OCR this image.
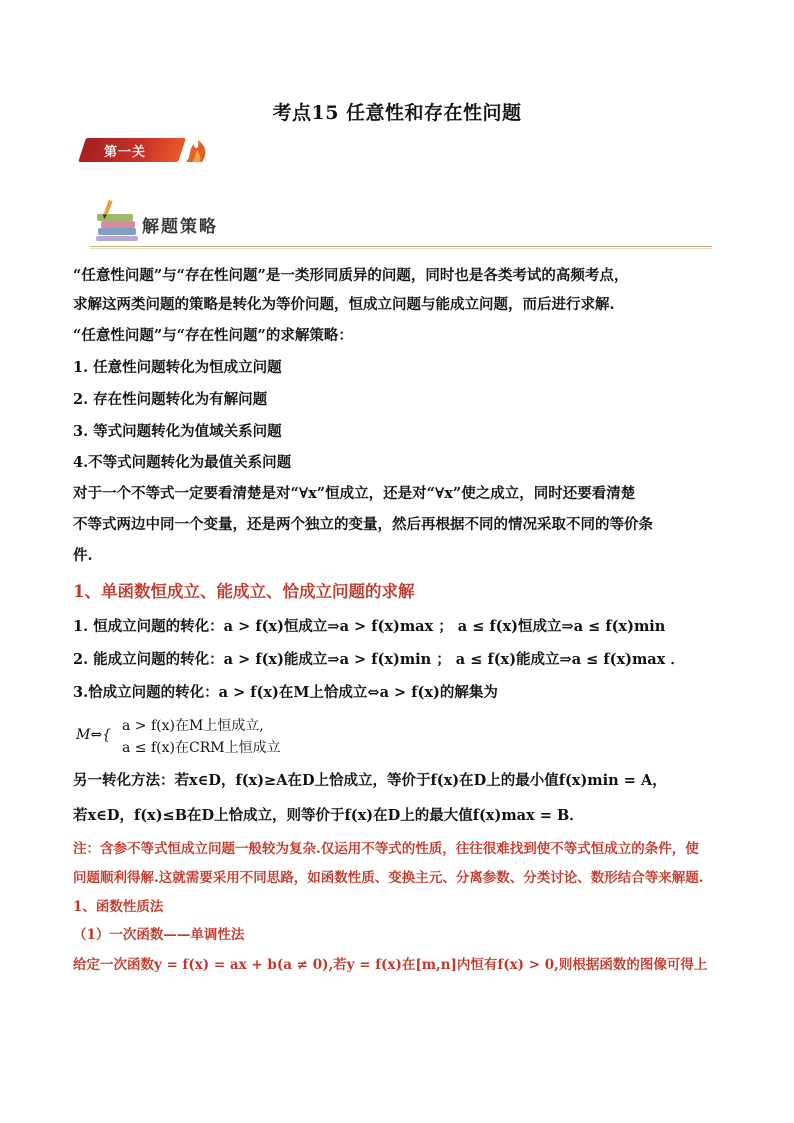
考点15 任意性和存在性问题
第一关
解题策略
“任意性问题”与“存在性问题”是一类形同质异的问题，同时也是各类考试的高频考点，
求解这两类问题的策略是转化为等价问题，恒成立问题与能成立问题，而后进行求解.
“任意性问题”与“存在性问题”的求解策略：
1. 任意性问题转化为恒成立问题
2. 存在性问题转化为有解问题
3. 等式问题转化为值域关系问题
4.不等式问题转化为最值关系问题
对于一个不等式一定要看清楚是对“∀x”恒成立，还是对“∀x”使之成立，同时还要看清楚
不等式两边中同一个变量，还是两个独立的变量，然后再根据不同的情况采取不同的等价条
件.
1、单函数恒成立、能成立、恰成立问题的求解
1. 恒成立问题的转化：a > f(x)恒成立⇒a > f(x)max ； a ≤ f(x)恒成立⇒a ≤ f(x)min
2. 能成立问题的转化：a > f(x)能成立⇒a > f(x)min ； a ≤ f(x)能成立⇒a ≤ f(x)max ．
3.恰成立问题的转化：a > f(x)在M上恰成立⇔a > f(x)的解集为
M⇔{
a > f(x)在M上恒成立,
a ≤ f(x)在CRM上恒成立
另一转化方法：若x∈D，f(x)≥A在D上恰成立，等价于f(x)在D上的最小值f(x)min = A，
若x∈D，f(x)≤B在D上恰成立，则等价于f(x)在D上的最大值f(x)max = B．
注：含参不等式恒成立问题一般较为复杂.仅运用不等式的性质，往往很难找到使不等式恒成立的条件，使
问题顺利得解.这就需要采用不同思路，如函数性质、变换主元、分离参数、分类讨论、数形结合等来解题.
1、函数性质法
（1）一次函数——单调性法
给定一次函数y = f(x) = ax + b(a ≠ 0),若y = f(x)在[m,n]内恒有f(x) > 0,则根据函数的图像可得上
